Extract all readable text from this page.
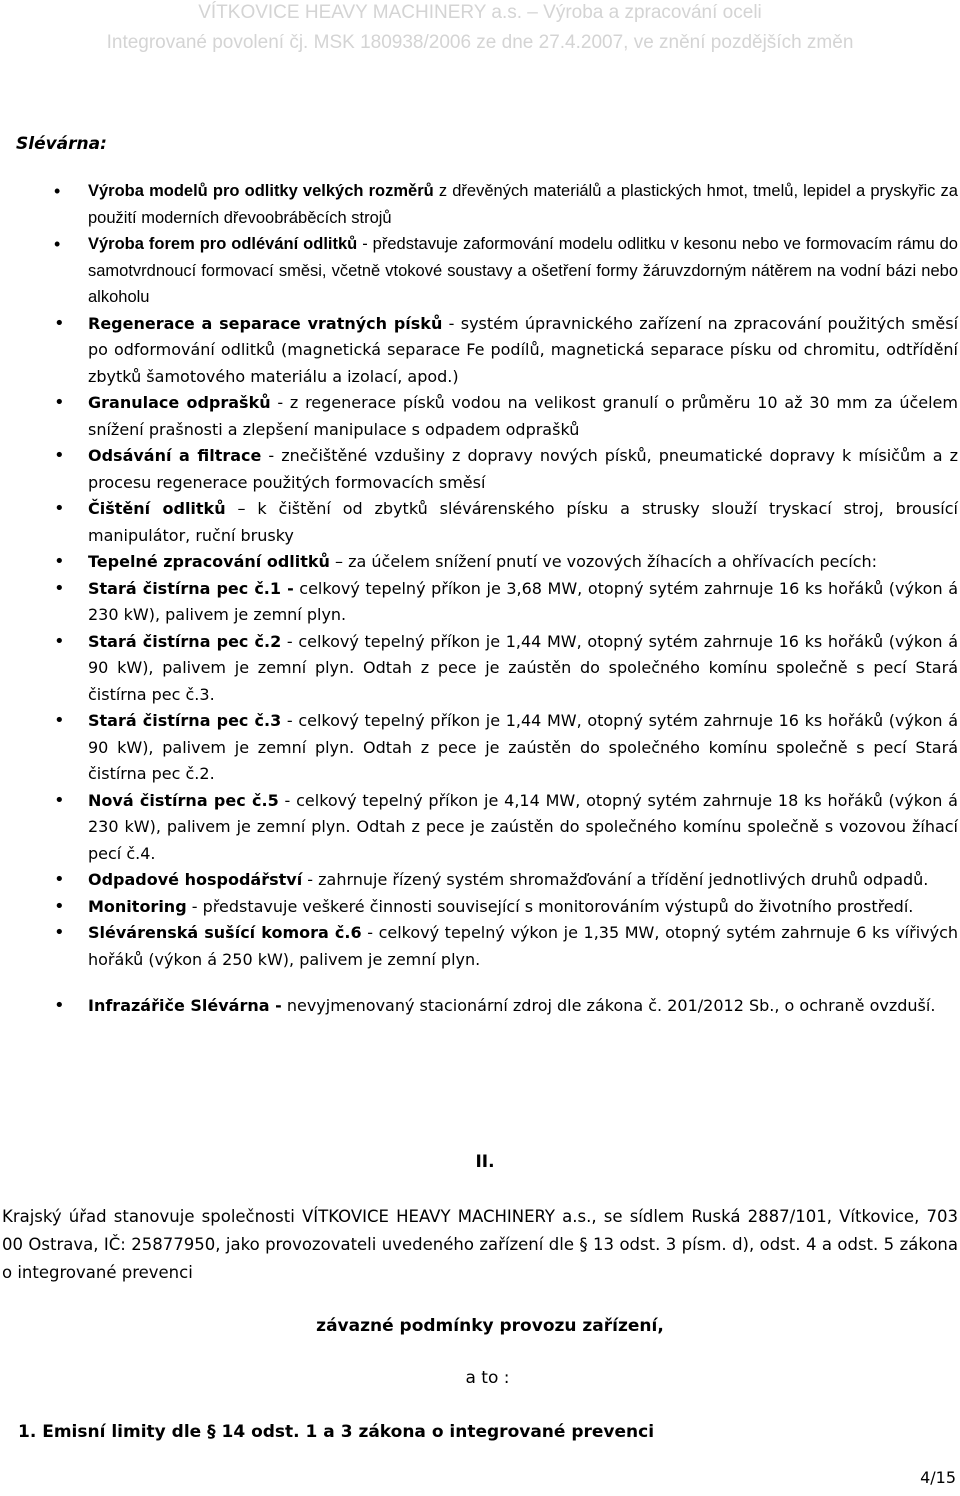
VÍTKOVICE HEAVY MACHINERY a.s. – Výroba a zpracování oceli
Integrované povolení čj. MSK 180938/2006 ze dne 27.4.2007, ve znění pozdějších změn
Slévárna:
• Výroba modelů pro odlitky velkých rozměrů z dřevěných materiálů a plastických hmot, tmelů, lepidel a pryskyřic za použití moderních dřevoobráběcích strojů
• Výroba forem pro odlévání odlitků - představuje zaformování modelu odlitku v kesonu nebo ve formovacím rámu do samotvrdnoucí formovací směsi, včetně vtokové soustavy a ošetření formy žáruvzdorným nátěrem na vodní bázi nebo alkoholu
• Regenerace a separace vratných písků - systém úpravnického zařízení na zpracování použitých směsí po odformování odlitků (magnetická separace Fe podílů, magnetická separace písku od chromitu, odtřídění zbytků šamotového materiálu a izolací, apod.)
• Granulace odprašků - z regenerace písků vodou na velikost granulí o průměru 10 až 30 mm za účelem snížení prašnosti a zlepšení manipulace s odpadem odprašků
• Odsávání a filtrace - znečištěné vzdušiny z dopravy nových písků, pneumatické dopravy k mísičům a z procesu regenerace použitých formovacích směsí
• Čištění odlitků – k čištění od zbytků slévárenského písku a strusky slouží tryskací stroj, brousící manipulátor, ruční brusky
• Tepelné zpracování odlitků – za účelem snížení pnutí ve vozových žíhacích a ohřívacích pecích:
• Stará čistírna pec č.1 - celkový tepelný příkon je 3,68 MW, otopný sytém zahrnuje 16 ks hořáků (výkon á 230 kW), palivem je zemní plyn.
• Stará čistírna pec č.2 - celkový tepelný příkon je 1,44 MW, otopný sytém zahrnuje 16 ks hořáků (výkon á 90 kW), palivem je zemní plyn. Odtah z pece je zaústěn do společného komínu společně s pecí Stará čistírna pec č.3.
• Stará čistírna pec č.3 - celkový tepelný příkon je 1,44 MW, otopný sytém zahrnuje 16 ks hořáků (výkon á 90 kW), palivem je zemní plyn. Odtah z pece je zaústěn do společného komínu společně s pecí Stará čistírna pec č.2.
• Nová čistírna pec č.5 - celkový tepelný příkon je 4,14 MW, otopný sytém zahrnuje 18 ks hořáků (výkon á 230 kW), palivem je zemní plyn. Odtah z pece je zaústěn do společného komínu společně s vozovou žíhací pecí č.4.
• Odpadové hospodářství - zahrnuje řízený systém shromažďování a třídění jednotlivých druhů odpadů.
• Monitoring - představuje veškeré činnosti související s monitorováním výstupů do životního prostředí.
• Slévárenská sušící komora č.6 - celkový tepelný výkon je 1,35 MW, otopný sytém zahrnuje 6 ks vířivých hořáků (výkon á 250 kW), palivem je zemní plyn.
• Infrazářiče Slévárna - nevyjmenovaný stacionární zdroj dle zákona č. 201/2012 Sb., o ochraně ovzduší.
II.
Krajský úřad stanovuje společnosti VÍTKOVICE HEAVY MACHINERY a.s., se sídlem Ruská 2887/101, Vítkovice, 703 00 Ostrava, IČ: 25877950, jako provozovateli uvedeného zařízení dle § 13 odst. 3 písm. d), odst. 4 a odst. 5 zákona o integrované prevenci
závazné podmínky provozu zařízení,
a to :
1. Emisní limity dle § 14 odst. 1 a 3 zákona o integrované prevenci
4/15
